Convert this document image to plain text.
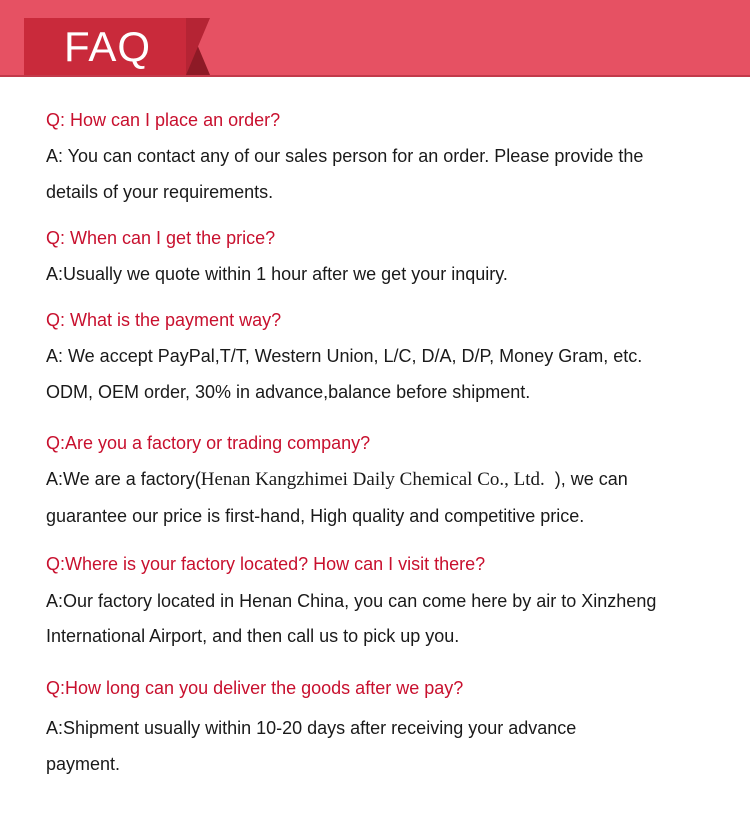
FAQ
Q: How can I place an order?
A: You can contact any of our sales person for an order. Please provide the
details of your requirements.
Q: When can I get the price?
A:Usually we quote within 1 hour after we get your inquiry.
Q: What is the payment way?
A: We accept PayPal,T/T, Western Union, L/C, D/A, D/P, Money Gram, etc.
ODM, OEM order, 30% in advance,balance before shipment.
Q:Are you a factory or trading company?
A:We are a factory(Henan Kangzhimei Daily Chemical Co., Ltd. ), we can
guarantee our price is first-hand, High quality and competitive price.
Q:Where is your factory located? How can I visit there?
A:Our factory located in Henan China, you can come here by air to Xinzheng
International Airport, and then call us to pick up you.
Q:How long can you deliver the goods after we pay?
A:Shipment usually within 10-20 days after receiving your advance
payment.
